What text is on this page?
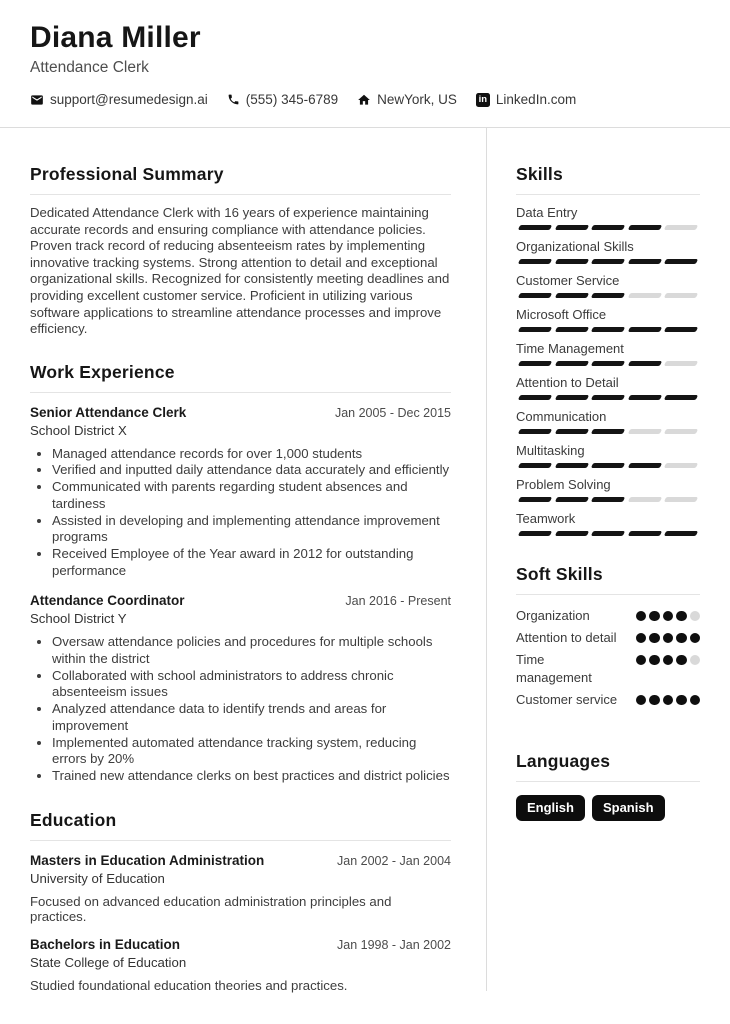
Diana Miller
Attendance Clerk
support@resumedesign.ai	(555) 345-6789	NewYork, US in LinkedIn.com
Professional Summary

Dedicated Attendance Clerk with 16 years of experience maintaining accurate records and ensuring compliance with attendance policies. Proven track record of reducing absenteeism rates by implementing innovative tracking systems. Strong attention to detail and exceptional organizational skills. Recognized for consistently meeting deadlines and providing excellent customer service. Proficient in utilizing various software applications to streamline attendance processes and improve efficiency.

Work Experience
Senior Attendance Clerk	Jan 2005 - Dec 2015
School District X
• Managed attendance records for over 1,000 students
• Verified and inputted daily attendance data accurately and efficiently
• Communicated with parents regarding student absences and tardiness
• Assisted in developing and implementing attendance improvement programs
• Received Employee of the Year award in 2012 for outstanding performance
Attendance Coordinator	Jan 2016 - Present
School District Y
• Oversaw attendance policies and procedures for multiple schools within the district
• Collaborated with school administrators to address chronic absenteeism issues
• Analyzed attendance data to identify trends and areas for improvement
• Implemented automated attendance tracking system, reducing errors by 20%
• Trained new attendance clerks on best practices and district policies
Education
Masters in Education Administration	Jan 2002 - Jan 2004
University of Education
Focused on advanced education administration principles and practices.
Bachelors in Education	Jan 1998 - Jan 2002
State College of Education
Studied foundational education theories and practices.
Skills
Data Entry
Organizational Skills
Customer Service
Microsoft Office
Time Management
Attention to Detail
Communication
Multitasking
Problem Solving
Teamwork
Soft Skills
Organization
Attention to detail
Time management
Customer service
Languages
English	Spanish
